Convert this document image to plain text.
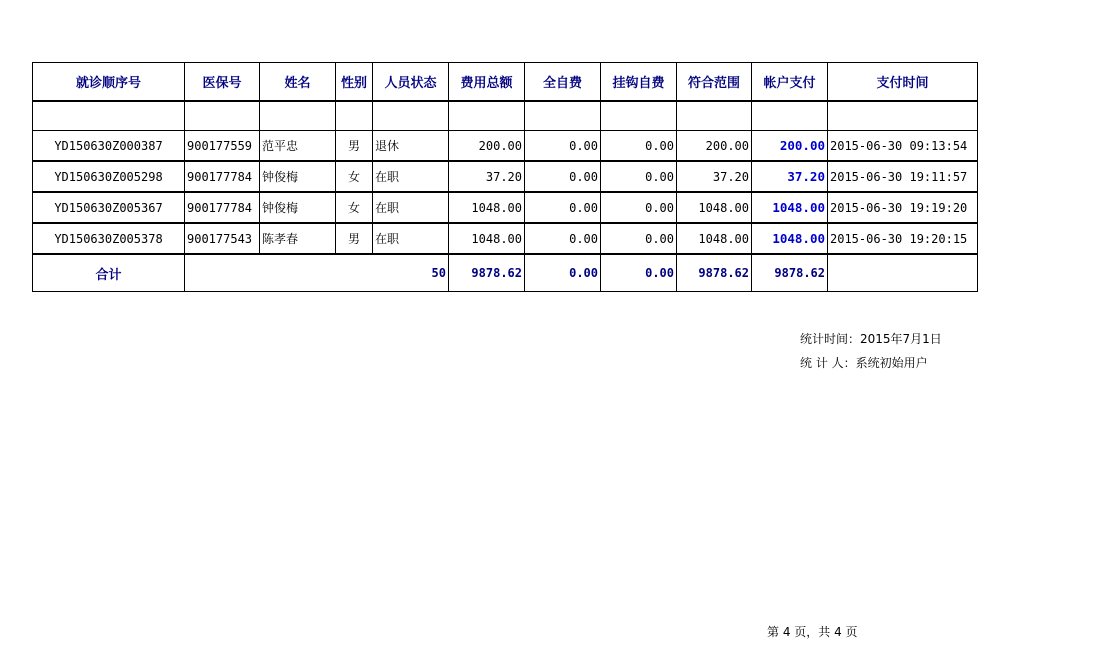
就诊顺序号	医保号	姓名	性别	人员状态	费用总额	全自费	挂钩自费	符合范围	帐户支付	支付时间

YD150630Z000387	900177559	范平忠	男	退休	200.00	0.00	0.00	200.00	200.00	2015-06-30 09:13:54
YD150630Z005298	900177784	钟俊梅	女	在职	37.20	0.00	0.00	37.20	37.20	2015-06-30 19:11:57
YD150630Z005367	900177784	钟俊梅	女	在职	1048.00	0.00	0.00	1048.00	1048.00	2015-06-30 19:19:20
YD150630Z005378	900177543	陈孝春	男	在职	1048.00	0.00	0.00	1048.00	1048.00	2015-06-30 19:20:15
合计	50				9878.62	0.00	0.00	9878.62	9878.62	
统计时间：2015年7月1日
统 计 人：系统初始用户
第 4 页，共 4 页
